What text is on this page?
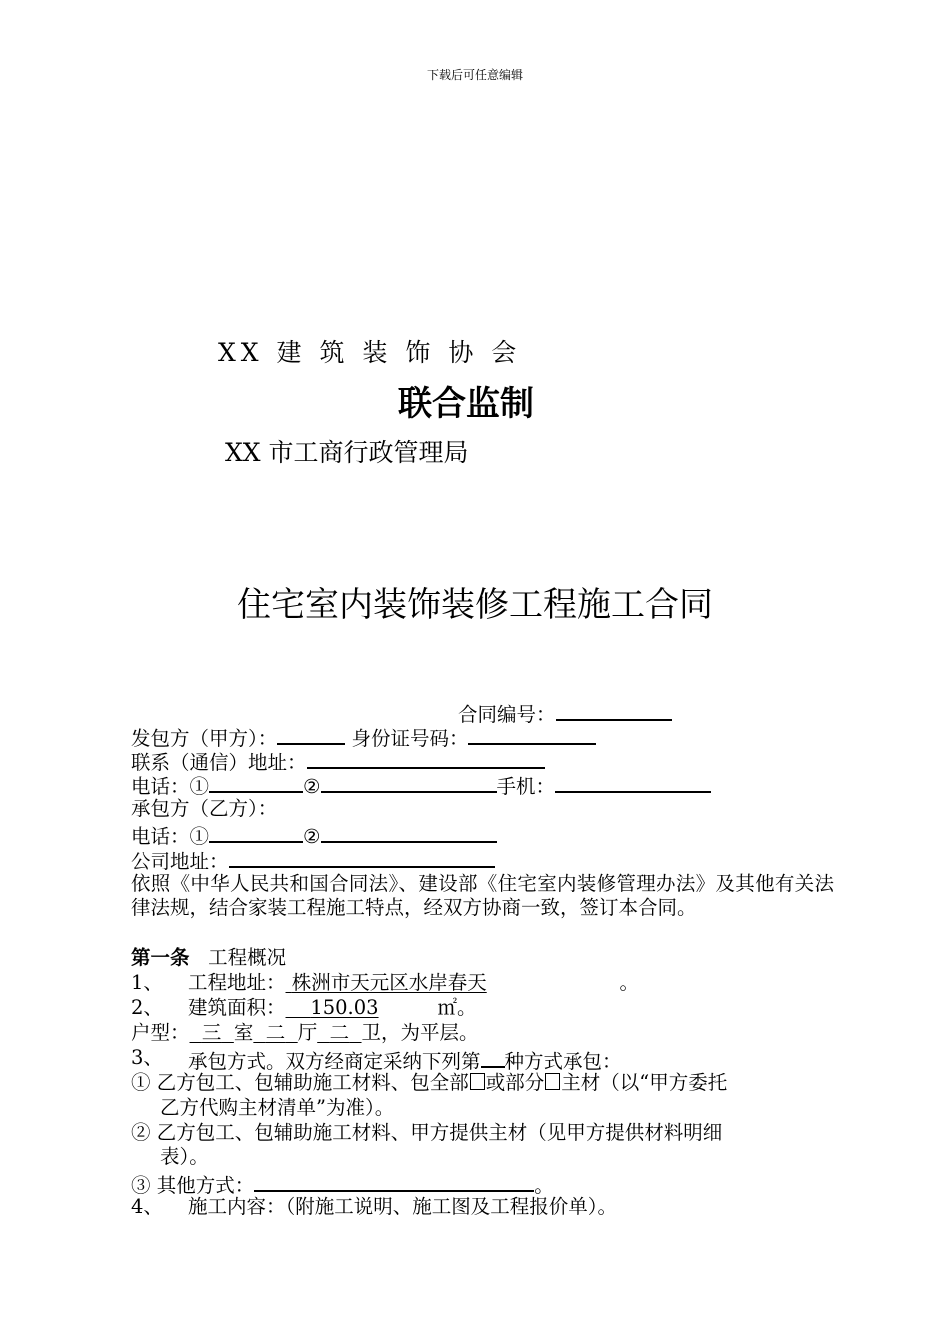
下载后可任意编辑
XX 建 筑 装 饰 协 会
联合监制
XX 市工商行政管理局
住宅室内装饰装修工程施工合同
合同编号：
发包方（甲方）：	身份证号码：
联系（通信）地址：
电话：①	②	手机：
承包方（乙方）：
电话：①	②
公司地址：
依照《中华人民共和国合同法》、建设部《住宅室内装修管理办法》及其他有关法律法规，结合家装工程施工特点，经双方协商一致，签订本合同。
第一条 工程概况
1、 工程地址： 株洲市天元区水岸春天	。
2、 建筑面积： 150.03	㎡。
户型： 三 室 二 厅 二 卫，为平层。
3、 承包方式。双方经商定采纳下列第 种方式承包：
① 乙方包工、包辅助施工材料、包全部 或部分 主材（以“甲方委托
乙方代购主材清单”为准）。
② 乙方包工、包辅助施工材料、甲方提供主材（见甲方提供材料明细
表）。
③ 其他方式：	。
4、 施工内容：（附施工说明、施工图及工程报价单）。
